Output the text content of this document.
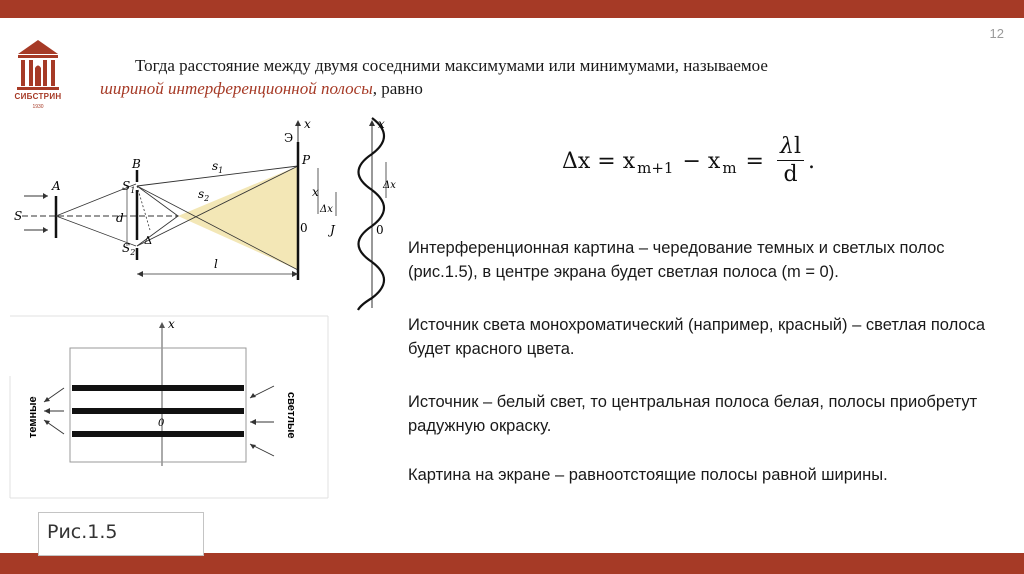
12
СИБСТРИН
1930
Тогда расстояние между двумя соседними максимумами или минимумами, называемое
шириной интерференционной полосы, равно
S
A
B
$S_1$
$S_2$
d
Δ
$s_1$
$s_2$
Э
x
P
0
x
Δx
J
l
x
0
Δx
x
0
темные	светлые
Δx = x m+1 − x $m = \frac{\lambda l}{d}$ .
Интерференционная картина – чередование темных и светлых полос (рис.1.5), в центре экрана будет светлая полоса (m = 0).
Источник света монохроматический (например, красный) – светлая полоса будет красного цвета.
Источник – белый свет, то центральная полоса белая, полосы приобретут радужную окраску.
Картина на экране – равноотстоящие полосы равной ширины.
Рис.1.5
